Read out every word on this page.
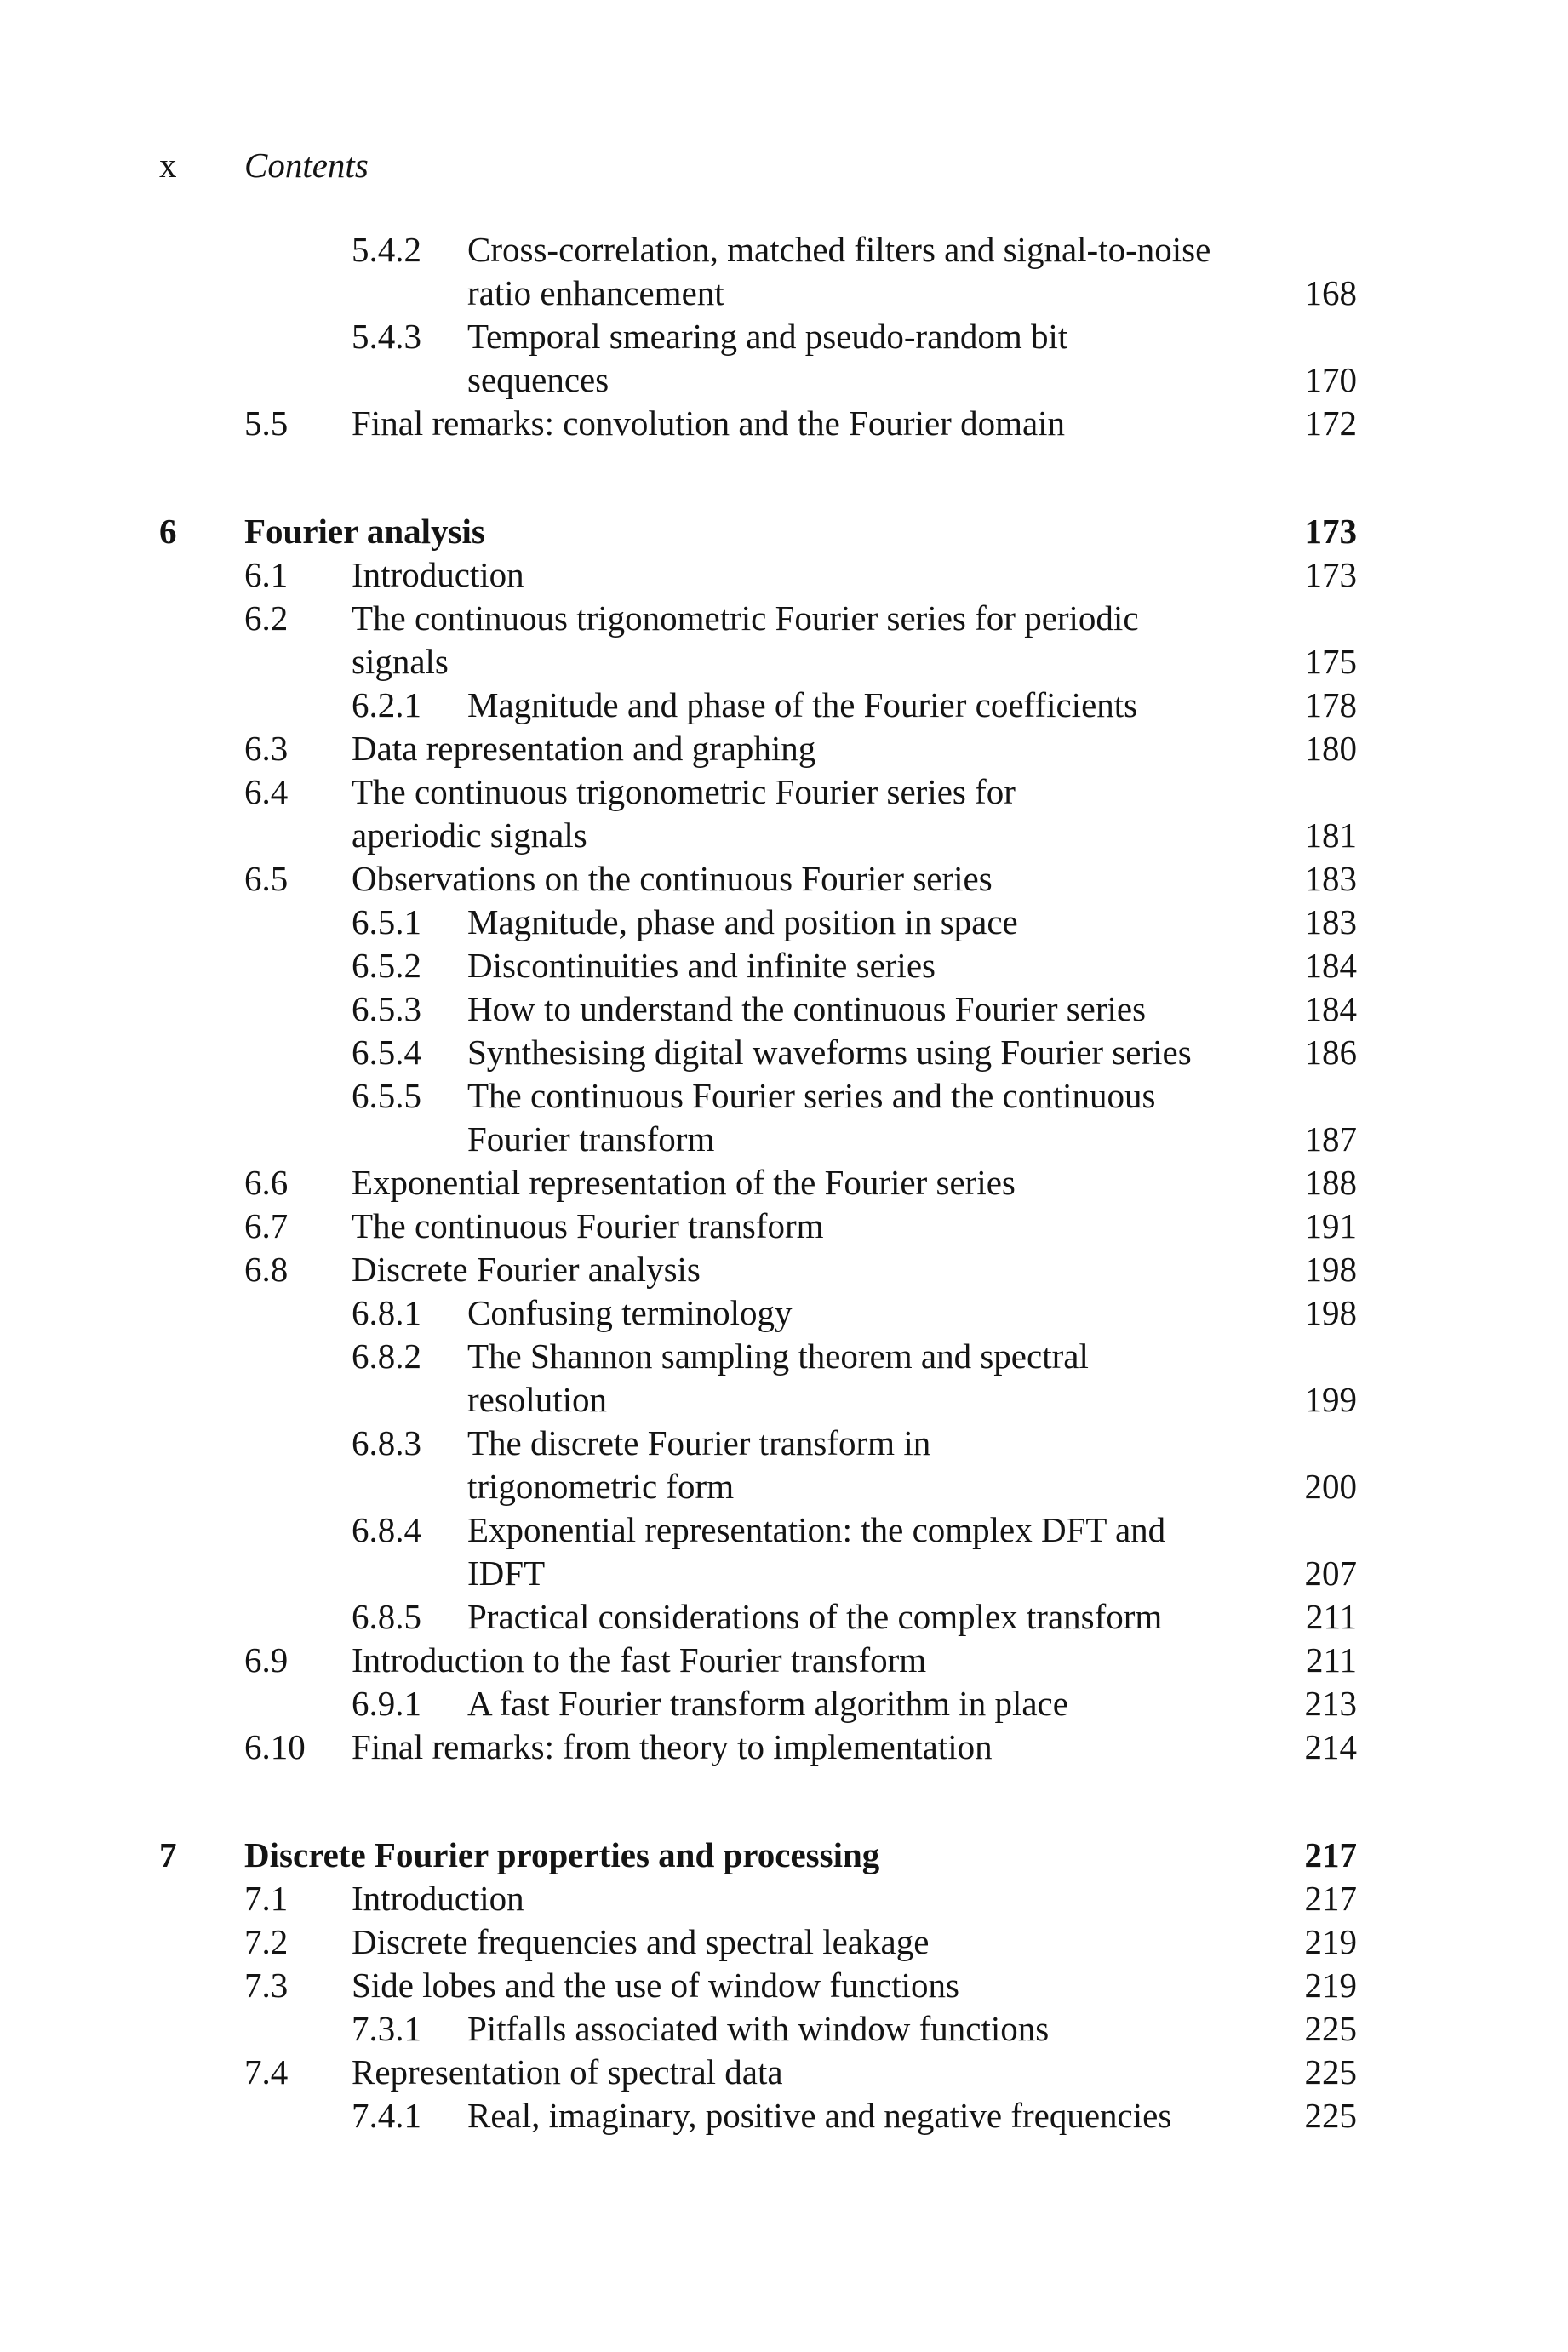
x Contents
5.4.2 Cross-correlation, matched filters and signal-to-noise
ratio enhancement	168
5.4.3 Temporal smearing and pseudo-random bit
sequences	170
5.5 Final remarks: convolution and the Fourier domain	172
6 Fourier analysis	173
6.1 Introduction	173
6.2 The continuous trigonometric Fourier series for periodic
signals	175
6.2.1 Magnitude and phase of the Fourier coefficients	178
6.3 Data representation and graphing	180
6.4 The continuous trigonometric Fourier series for
aperiodic signals	181
6.5 Observations on the continuous Fourier series	183
6.5.1 Magnitude, phase and position in space	183
6.5.2 Discontinuities and infinite series	184
6.5.3 How to understand the continuous Fourier series	184
6.5.4 Synthesising digital waveforms using Fourier series	186
6.5.5 The continuous Fourier series and the continuous
Fourier transform	187
6.6 Exponential representation of the Fourier series	188
6.7 The continuous Fourier transform	191
6.8 Discrete Fourier analysis	198
6.8.1 Confusing terminology	198
6.8.2 The Shannon sampling theorem and spectral
resolution	199
6.8.3 The discrete Fourier transform in
trigonometric form	200
6.8.4 Exponential representation: the complex DFT and
IDFT	207
6.8.5 Practical considerations of the complex transform	211
6.9 Introduction to the fast Fourier transform	211
6.9.1 A fast Fourier transform algorithm in place	213
6.10 Final remarks: from theory to implementation	214
7 Discrete Fourier properties and processing	217
7.1 Introduction	217
7.2 Discrete frequencies and spectral leakage	219
7.3 Side lobes and the use of window functions	219
7.3.1 Pitfalls associated with window functions	225
7.4 Representation of spectral data	225
7.4.1 Real, imaginary, positive and negative frequencies	225
